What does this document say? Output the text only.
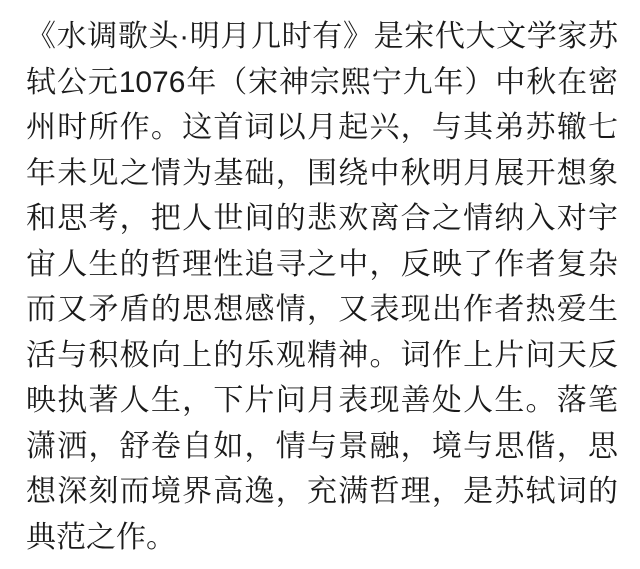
《水调歌头·明月几时有》是宋代大文学家苏轼公元1076年（宋神宗熙宁九年）中秋在密州时所作。这首词以月起兴，与其弟苏辙七年未见之情为基础，围绕中秋明月展开想象和思考，把人世间的悲欢离合之情纳入对宇宙人生的哲理性追寻之中，反映了作者复杂而又矛盾的思想感情，又表现出作者热爱生活与积极向上的乐观精神。词作上片问天反映执著人生，下片问月表现善处人生。落笔潇洒，舒卷自如，情与景融，境与思偕，思想深刻而境界高逸，充满哲理，是苏轼词的典范之作。
